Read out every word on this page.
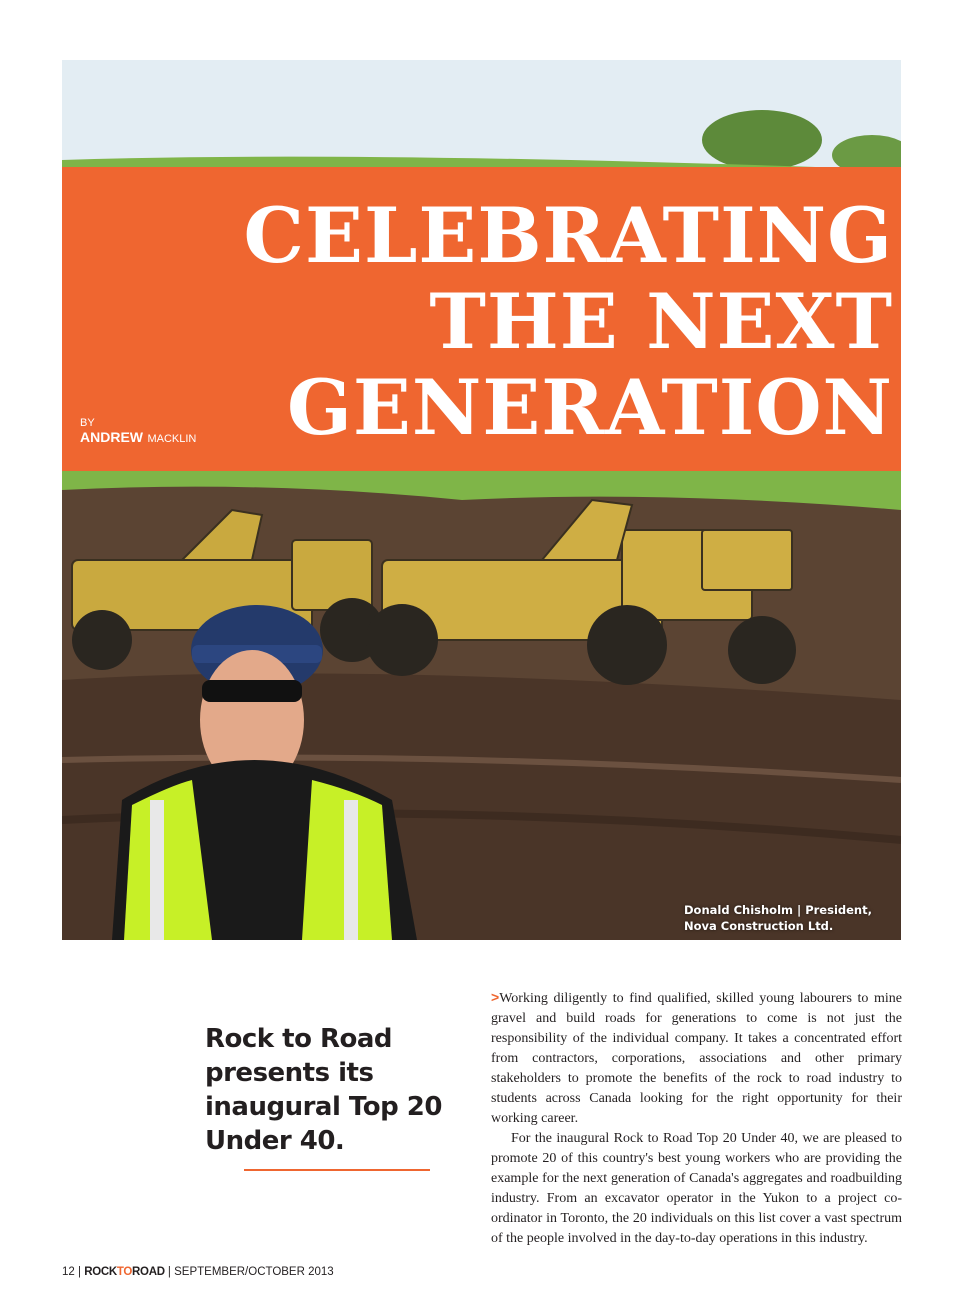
Donald Chisholm | President, Nova Construction Ltd.
CELEBRATING
THE NEXT
GENERATION
BY
ANDREW MACKLIN
Rock to Road presents its inaugural Top 20 Under 40.

>Working diligently to find qualified, skilled young labourers to mine gravel and build roads for generations to come is not just the responsibility of the individual company. It takes a concentrated effort from contractors, corporations, associations and other primary stakeholders to promote the benefits of the rock to road industry to students across Canada looking for the right opportunity for their working career.

For the inaugural Rock to Road Top 20 Under 40, we are pleased to promote 20 of this country's best young workers who are providing the example for the next generation of Canada's aggregates and roadbuilding industry. From an excavator operator in the Yukon to a project co-ordinator in Toronto, the 20 individuals on this list cover a vast spectrum of the people involved in the day-to-day operations in this industry.

12 | ROCKTOROAD | SEPTEMBER/OCTOBER 2013
